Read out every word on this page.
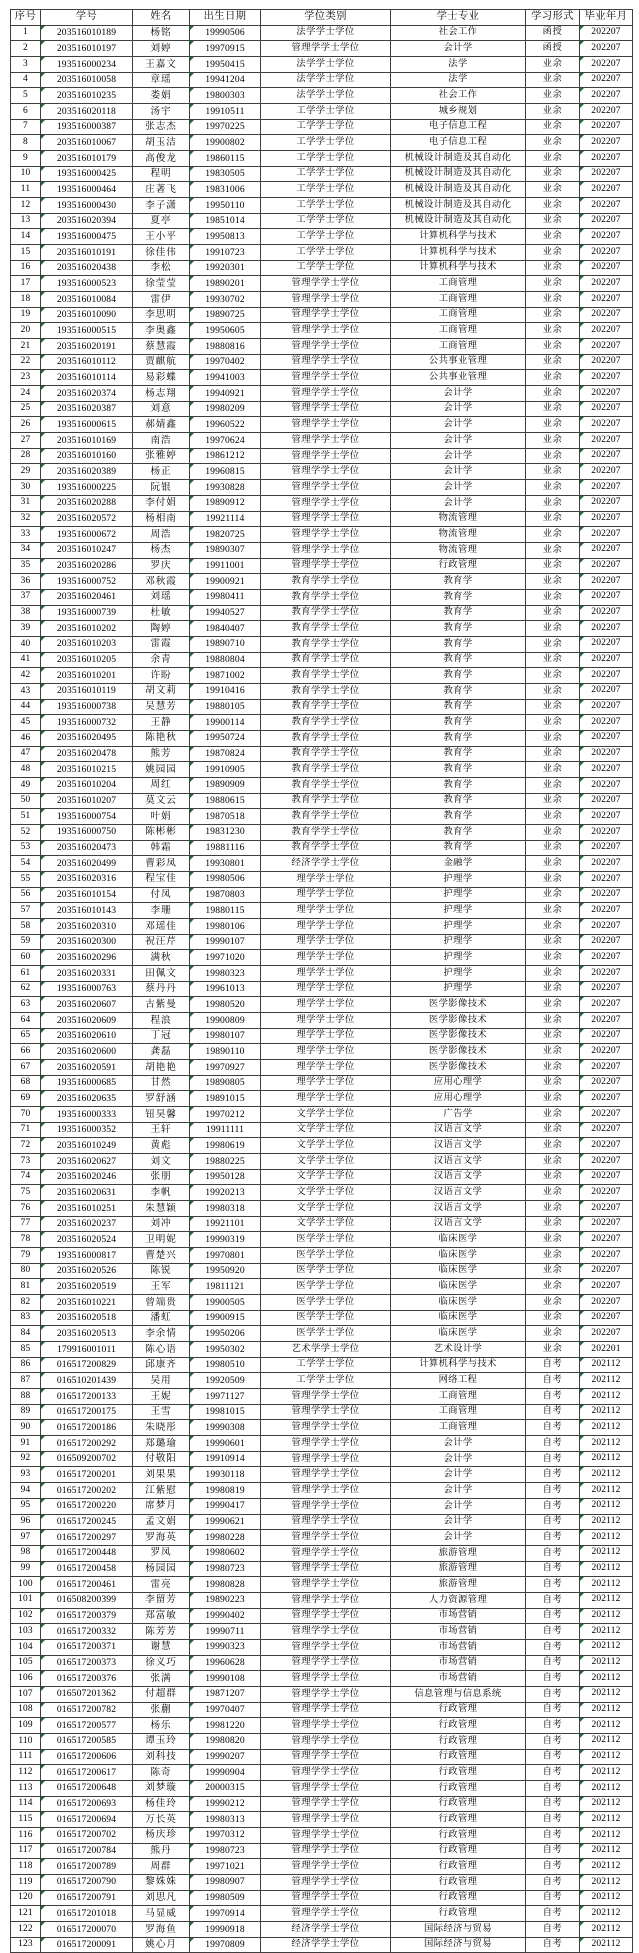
序号	学号	姓名	出生日期	学位类别	学士专业	学习形式	毕业年月
1	203516010189	杨铭	19990506	法学学士学位	社会工作	函授	202207
2	203516010197	刘婷	19970915	管理学学士学位	会计学	函授	202207
3	193516000234	王嘉文	19950415	法学学士学位	法学	业余	202207
4	203516010058	章瑶	19941204	法学学士学位	法学	业余	202207
5	203516010235	娄娟	19800303	法学学士学位	社会工作	业余	202207
6	203516020118	汤宇	19910511	工学学士学位	城乡规划	业余	202207
7	193516000387	张志杰	19970225	工学学士学位	电子信息工程	业余	202207
8	203516010067	胡玉洁	19900802	工学学士学位	电子信息工程	业余	202207
9	203516010179	高俊龙	19860115	工学学士学位	机械设计制造及其自动化	业余	202207
10	193516000425	程明	19830505	工学学士学位	机械设计制造及其自动化	业余	202207
11	193516000464	庄著飞	19831006	工学学士学位	机械设计制造及其自动化	业余	202207
12	193516000430	李子潇	19950110	工学学士学位	机械设计制造及其自动化	业余	202207
13	203516020394	夏亭	19851014	工学学士学位	机械设计制造及其自动化	业余	202207
14	193516000475	王小平	19950813	工学学士学位	计算机科学与技术	业余	202207
15	203516010191	徐佳伟	19910723	工学学士学位	计算机科学与技术	业余	202207
16	203516020438	李松	19920301	工学学士学位	计算机科学与技术	业余	202207
17	193516000523	徐莹莹	19890201	管理学学士学位	工商管理	业余	202207
18	203516010084	雷伊	19930702	管理学学士学位	工商管理	业余	202207
19	203516010090	李思明	19890725	管理学学士学位	工商管理	业余	202207
20	193516000515	李奥鑫	19950605	管理学学士学位	工商管理	业余	202207
21	203516020191	蔡慧霞	19880816	管理学学士学位	工商管理	业余	202207
22	203516010112	贾麒航	19970402	管理学学士学位	公共事业管理	业余	202207
23	203516010114	易彩蝶	19941003	管理学学士学位	公共事业管理	业余	202207
24	203516020374	杨志翔	19940921	管理学学士学位	会计学	业余	202207
25	203516020387	刘意	19980209	管理学学士学位	会计学	业余	202207
26	193516000615	郝婧鑫	19960522	管理学学士学位	会计学	业余	202207
27	203516010169	南浩	19970624	管理学学士学位	会计学	业余	202207
28	203516010160	张雅婷	19861212	管理学学士学位	会计学	业余	202207
29	203516020389	杨正	19960815	管理学学士学位	会计学	业余	202207
30	193516000225	阮银	19930828	管理学学士学位	会计学	业余	202207
31	203516020288	李付娟	19890912	管理学学士学位	会计学	业余	202207
32	203516020572	杨相南	19921114	管理学学士学位	物流管理	业余	202207
33	193516000672	周浩	19820725	管理学学士学位	物流管理	业余	202207
34	203516010247	杨杰	19890307	管理学学士学位	物流管理	业余	202207
35	203516020286	罗庆	19911001	管理学学士学位	行政管理	业余	202207
36	193516000752	邓秋霞	19900921	教育学学士学位	教育学	业余	202207
37	203516020461	刘瑶	19980411	教育学学士学位	教育学	业余	202207
38	193516000739	杜敏	19940527	教育学学士学位	教育学	业余	202207
39	203516010202	陶婷	19840407	教育学学士学位	教育学	业余	202207
40	203516010203	雷霞	19890710	教育学学士学位	教育学	业余	202207
41	203516010205	余青	19880804	教育学学士学位	教育学	业余	202207
42	203516010201	许盼	19871002	教育学学士学位	教育学	业余	202207
43	203516010119	胡文莉	19910416	教育学学士学位	教育学	业余	202207
44	193516000738	吴慧芳	19880105	教育学学士学位	教育学	业余	202207
45	193516000732	王静	19900114	教育学学士学位	教育学	业余	202207
46	203516020495	陈艳秋	19950724	教育学学士学位	教育学	业余	202207
47	203516020478	熊芳	19870824	教育学学士学位	教育学	业余	202207
48	203516010215	姚园园	19910905	教育学学士学位	教育学	业余	202207
49	203516010204	周红	19890909	教育学学士学位	教育学	业余	202207
50	203516010207	莫文云	19880615	教育学学士学位	教育学	业余	202207
51	193516000754	叶娟	19870518	教育学学士学位	教育学	业余	202207
52	193516000750	陈彬彬	19831230	教育学学士学位	教育学	业余	202207
53	203516020473	韩霜	19881116	教育学学士学位	教育学	业余	202207
54	203516020499	曹彩凤	19930801	经济学学士学位	金融学	业余	202207
55	203516020316	程宝佳	19980506	理学学士学位	护理学	业余	202207
56	203516010154	付凤	19870803	理学学士学位	护理学	业余	202207
57	203516010143	李珊	19880115	理学学士学位	护理学	业余	202207
58	203516020310	邓瑶佳	19980106	理学学士学位	护理学	业余	202207
59	203516020300	祝汪芹	19990107	理学学士学位	护理学	业余	202207
60	203516020296	满秋	19971020	理学学士学位	护理学	业余	202207
61	203516020331	田佩文	19980323	理学学士学位	护理学	业余	202207
62	193516000763	蔡丹丹	19961013	理学学士学位	护理学	业余	202207
63	203516020607	古紫曼	19980520	理学学士学位	医学影像技术	业余	202207
64	203516020609	程浪	19900809	理学学士学位	医学影像技术	业余	202207
65	203516020610	丁冠	19980107	理学学士学位	医学影像技术	业余	202207
66	203516020600	龚磊	19890110	理学学士学位	医学影像技术	业余	202207
67	203516020591	胡艳艳	19970927	理学学士学位	医学影像技术	业余	202207
68	193516000685	甘然	19890805	理学学士学位	应用心理学	业余	202207
69	203516020635	罗舒涵	19891015	理学学士学位	应用心理学	业余	202207
70	193516000333	钮昊馨	19970212	文学学士学位	广告学	业余	202207
71	193516000352	王轩	19911111	文学学士学位	汉语言文学	业余	202207
72	203516010249	黄彪	19980619	文学学士学位	汉语言文学	业余	202207
73	203516020627	刘文	19880225	文学学士学位	汉语言文学	业余	202207
74	203516020246	张朋	19950128	文学学士学位	汉语言文学	业余	202207
75	203516020631	李帆	19920213	文学学士学位	汉语言文学	业余	202207
76	203516010251	朱慧颖	19980318	文学学士学位	汉语言文学	业余	202207
77	203516020237	刘冲	19921101	文学学士学位	汉语言文学	业余	202207
78	203516020524	卫明妮	19990319	医学学士学位	临床医学	业余	202207
79	193516000817	曹楚兴	19970801	医学学士学位	临床医学	业余	202207
80	203516020526	陈锐	19950920	医学学士学位	临床医学	业余	202207
81	203516020519	王军	19811121	医学学士学位	临床医学	业余	202207
82	203516010221	曾端贵	19900505	医学学士学位	临床医学	业余	202207
83	203516020518	潘虹	19900915	医学学士学位	临床医学	业余	202207
84	203516020513	李余情	19950206	医学学士学位	临床医学	业余	202207
85	179916001011	陈心语	19950302	艺术学学士学位	艺术设计学	业余	202201
86	016517200829	邱康齐	19980510	工学学士学位	计算机科学与技术	自考	202112
87	016510201439	吴用	19920509	工学学士学位	网络工程	自考	202112
88	016517200133	王妮	19971127	管理学学士学位	工商管理	自考	202112
89	016517200175	王雪	19981015	管理学学士学位	工商管理	自考	202112
90	016517200186	朱晓彤	19990308	管理学学士学位	工商管理	自考	202112
91	016517200292	郑璐瑜	19990601	管理学学士学位	会计学	自考	202112
92	016509200702	付敬阳	19910914	管理学学士学位	会计学	自考	202112
93	016517200201	刘果果	19930118	管理学学士学位	会计学	自考	202112
94	016517200202	江紫慰	19980819	管理学学士学位	会计学	自考	202112
95	016517200220	席梦月	19990417	管理学学士学位	会计学	自考	202112
96	016517200245	孟文娟	19990621	管理学学士学位	会计学	自考	202112
97	016517200297	罗海英	19980228	管理学学士学位	会计学	自考	202112
98	016517200448	罗凤	19980602	管理学学士学位	旅游管理	自考	202112
99	016517200458	杨园园	19980723	管理学学士学位	旅游管理	自考	202112
100	016517200461	雷亮	19980828	管理学学士学位	旅游管理	自考	202112
101	016508200399	李留芳	19890223	管理学学士学位	人力资源管理	自考	202112
102	016517200379	郑富敏	19990402	管理学学士学位	市场营销	自考	202112
103	016517200332	陈芳芳	19990711	管理学学士学位	市场营销	自考	202112
104	016517200371	谢慧	19990323	管理学学士学位	市场营销	自考	202112
105	016517200373	徐义巧	19960628	管理学学士学位	市场营销	自考	202112
106	016517200376	张满	19990108	管理学学士学位	市场营销	自考	202112
107	016507201362	付超群	19871207	管理学学士学位	信息管理与信息系统	自考	202112
108	016517200782	张蒯	19970407	管理学学士学位	行政管理	自考	202112
109	016517200577	杨乐	19981220	管理学学士学位	行政管理	自考	202112
110	016517200585	谭玉玲	19980820	管理学学士学位	行政管理	自考	202112
111	016517200606	刘科技	19990207	管理学学士学位	行政管理	自考	202112
112	016517200617	陈奇	19990904	管理学学士学位	行政管理	自考	202112
113	016517200648	刘梦璇	20000315	管理学学士学位	行政管理	自考	202112
114	016517200693	杨佳玲	19990212	管理学学士学位	行政管理	自考	202112
115	016517200694	万长英	19980313	管理学学士学位	行政管理	自考	202112
116	016517200702	杨庆珍	19970312	管理学学士学位	行政管理	自考	202112
117	016517200784	熊丹	19980723	管理学学士学位	行政管理	自考	202112
118	016517200789	周群	19971021	管理学学士学位	行政管理	自考	202112
119	016517200790	黎姝姝	19980907	管理学学士学位	行政管理	自考	202112
120	016517200791	刘思凡	19980509	管理学学士学位	行政管理	自考	202112
121	016517201018	马显威	19970914	管理学学士学位	行政管理	自考	202112
122	016517200070	罗海鱼	19990918	经济学学士学位	国际经济与贸易	自考	202112
123	016517200091	姚心月	19970809	经济学学士学位	国际经济与贸易	自考	202112
